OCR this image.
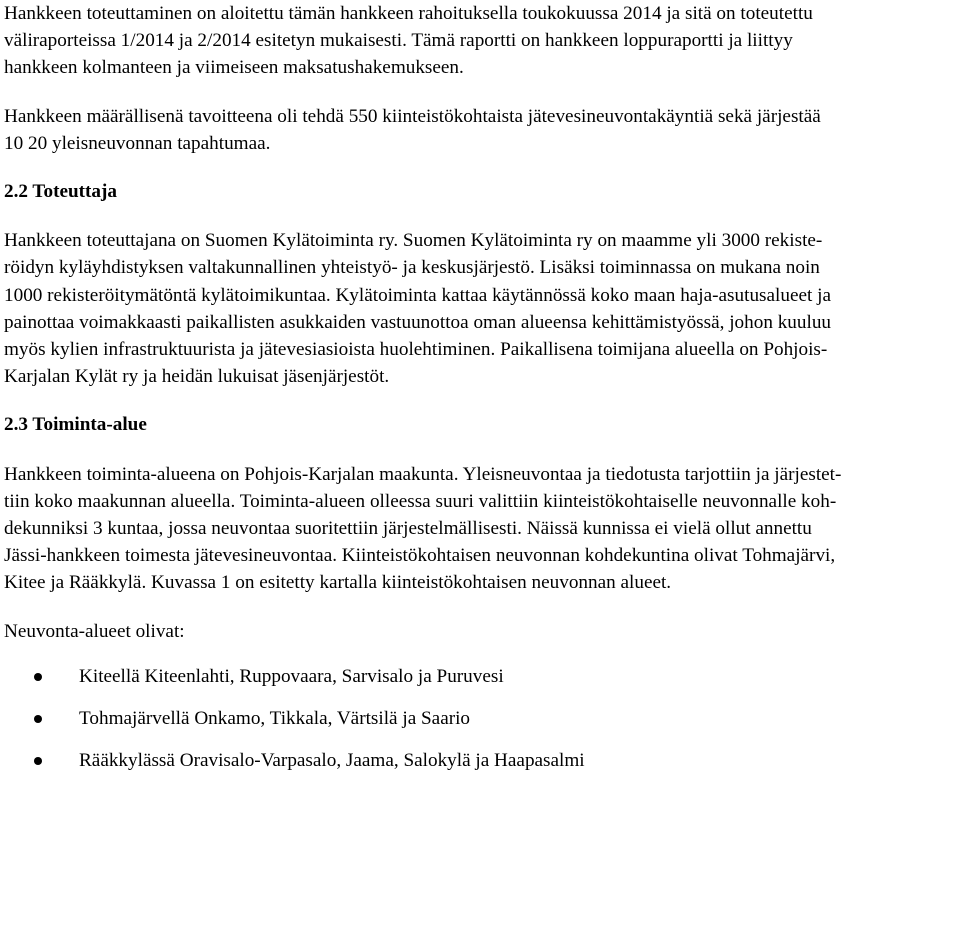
Hankkeen toteuttaminen on aloitettu tämän hankkeen rahoituksella toukokuussa 2014 ja sitä on toteutettu
väliraporteissa 1/2014 ja 2/2014 esitetyn mukaisesti. Tämä raportti on hankkeen loppuraportti ja liittyy
hankkeen kolmanteen ja viimeiseen maksatushakemukseen.

Hankkeen määrällisenä tavoitteena oli tehdä 550 kiinteistökohtaista jätevesineuvontakäyntiä sekä järjestää
10 20 yleisneuvonnan tapahtumaa.

2.2 Toteuttaja

Hankkeen toteuttajana on Suomen Kylätoiminta ry. Suomen Kylätoiminta ry on maamme yli 3000 rekiste-
röidyn kyläyhdistyksen valtakunnallinen yhteistyö- ja keskusjärjestö. Lisäksi toiminnassa on mukana noin
1000 rekisteröitymätöntä kylätoimikuntaa. Kylätoiminta kattaa käytännössä koko maan haja-asutusalueet ja
painottaa voimakkaasti paikallisten asukkaiden vastuunottoa oman alueensa kehittämistyössä, johon kuuluu
myös kylien infrastruktuurista ja jätevesiasioista huolehtiminen. Paikallisena toimijana alueella on Pohjois-
Karjalan Kylät ry ja heidän lukuisat jäsenjärjestöt.

2.3 Toiminta-alue

Hankkeen toiminta-alueena on Pohjois-Karjalan maakunta. Yleisneuvontaa ja tiedotusta tarjottiin ja järjestet-
tiin koko maakunnan alueella. Toiminta-alueen olleessa suuri valittiin kiinteistökohtaiselle neuvonnalle koh-
dekunniksi 3 kuntaa, jossa neuvontaa suoritettiin järjestelmällisesti. Näissä kunnissa ei vielä ollut annettu
Jässi-hankkeen toimesta jätevesineuvontaa. Kiinteistökohtaisen neuvonnan kohdekuntina olivat Tohmajärvi,
Kitee ja Rääkkylä. Kuvassa 1 on esitetty kartalla kiinteistökohtaisen neuvonnan alueet.

Neuvonta-alueet olivat:

Kiteellä Kiteenlahti, Ruppovaara, Sarvisalo ja Puruvesi
Tohmajärvellä Onkamo, Tikkala, Värtsilä ja Saario
Rääkkylässä Oravisalo-Varpasalo, Jaama, Salokylä ja Haapasalmi
